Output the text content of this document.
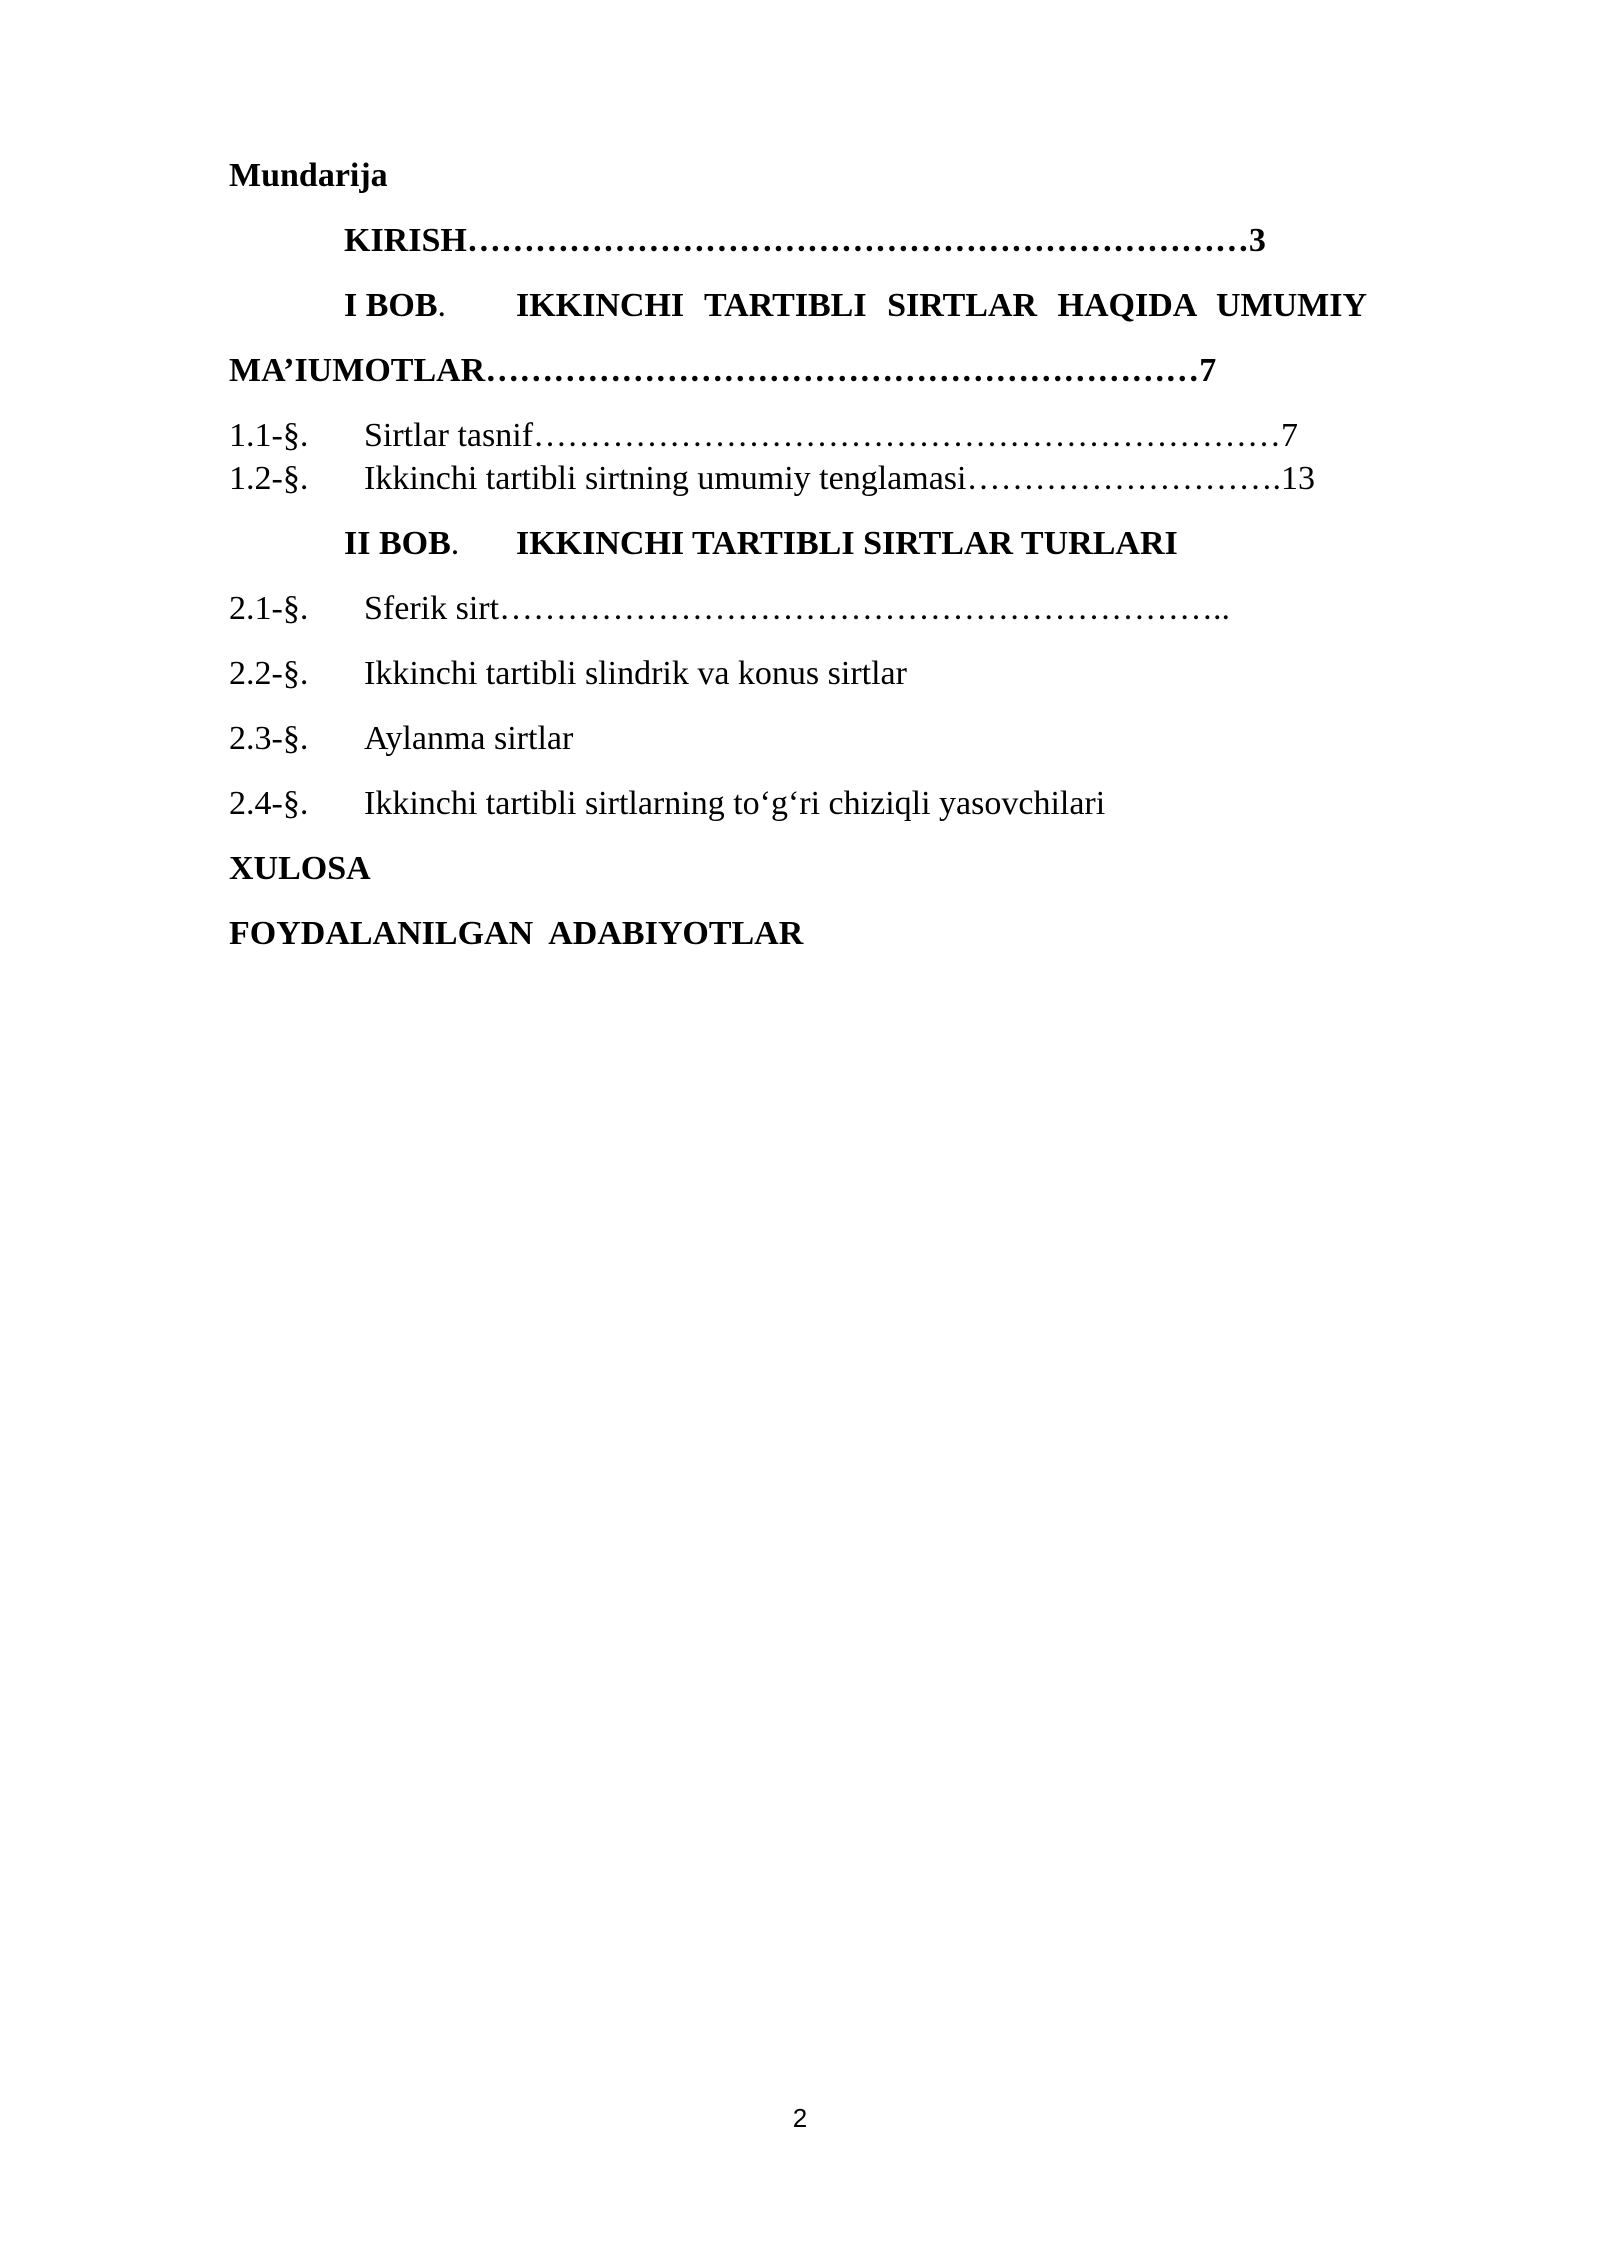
Mundarija
KIRISH……………………………………………………………3
I BOB. IKKINCHI TARTIBLI SIRTLAR HAQIDA UMUMIY
MA’IUMOTLAR………………………………………………………7
1.1-§. Sirtlar tasnif…………………………………………………………7
1.2-§. Ikkinchi tartibli sirtning umumiy tenglamasi……………………….13
II BOB. IKKINCHI TARTIBLI SIRTLAR TURLARI
2.1-§. Sferik sirt………………………………………………………..
2.2-§. Ikkinchi tartibli slindrik va konus sirtlar
2.3-§. Aylanma sirtlar
2.4-§. Ikkinchi tartibli sirtlarning to‘g‘ri chiziqli yasovchilari
XULOSA
FOYDALANILGAN  ADABIYOTLAR
2
